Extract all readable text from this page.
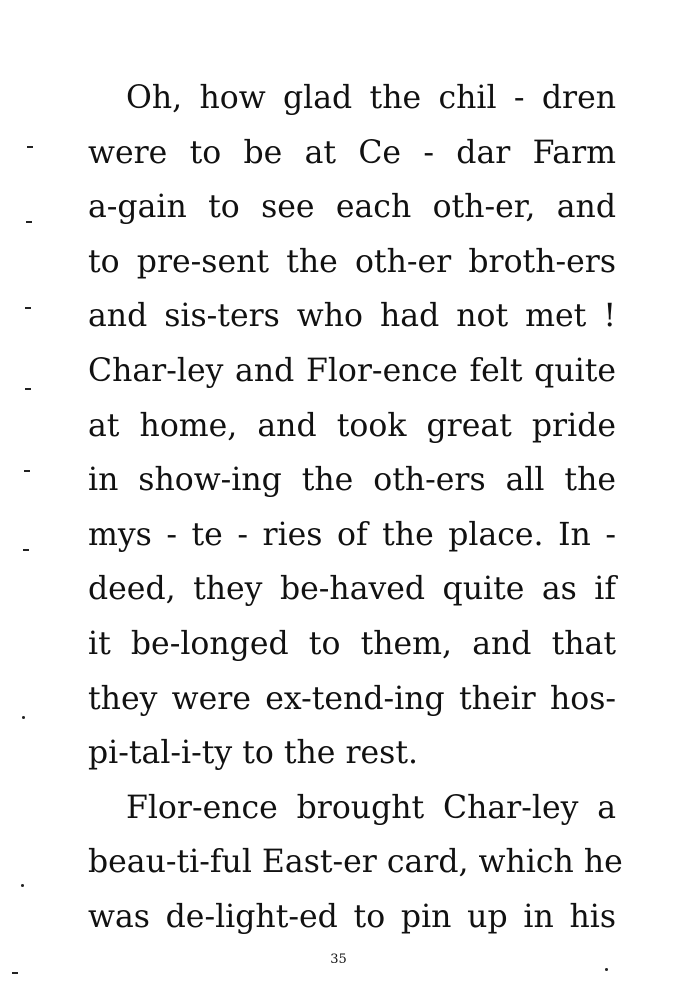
Oh, how glad the chil - dren
were to be at Ce - dar Farm
a-gain to see each oth-er, and
to pre-sent the oth-er broth-ers
and sis-ters who had not met !
Char-ley and Flor-ence felt quite
at home, and took great pride
in show-ing the oth-ers all the
mys - te - ries of the place. In -
deed, they be-haved quite as if
it be-longed to them, and that
they were ex-tend-ing their hos-
pi-tal-i-ty to the rest.
Flor-ence brought Char-ley a
beau-ti-ful East-er card, which he
was de-light-ed to pin up in his
35
